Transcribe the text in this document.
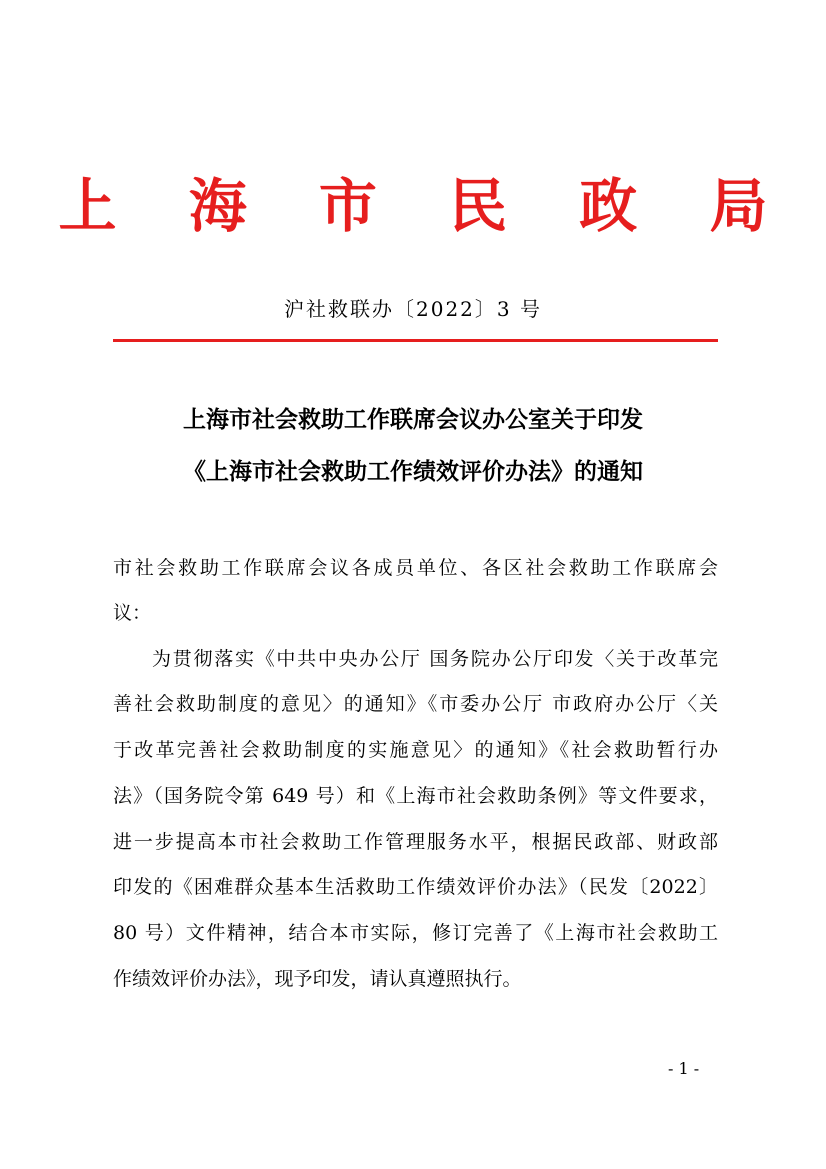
上 海 市 民 政 局
沪社救联办〔2022〕3 号
上海市社会救助工作联席会议办公室关于印发
《上海市社会救助工作绩效评价办法》的通知
市社会救助工作联席会议各成员单位、各区社会救助工作联席会
议：
为贯彻落实《中共中央办公厅 国务院办公厅印发〈关于改革完
善社会救助制度的意见〉的通知》《市委办公厅 市政府办公厅〈关
于改革完善社会救助制度的实施意见〉的通知》《社会救助暂行办
法》（国务院令第 649 号）和《上海市社会救助条例》等文件要求，
进一步提高本市社会救助工作管理服务水平，根据民政部、财政部
印发的《困难群众基本生活救助工作绩效评价办法》（民发〔2022〕
80 号）文件精神，结合本市实际，修订完善了《上海市社会救助工
作绩效评价办法》，现予印发，请认真遵照执行。
- 1 -
